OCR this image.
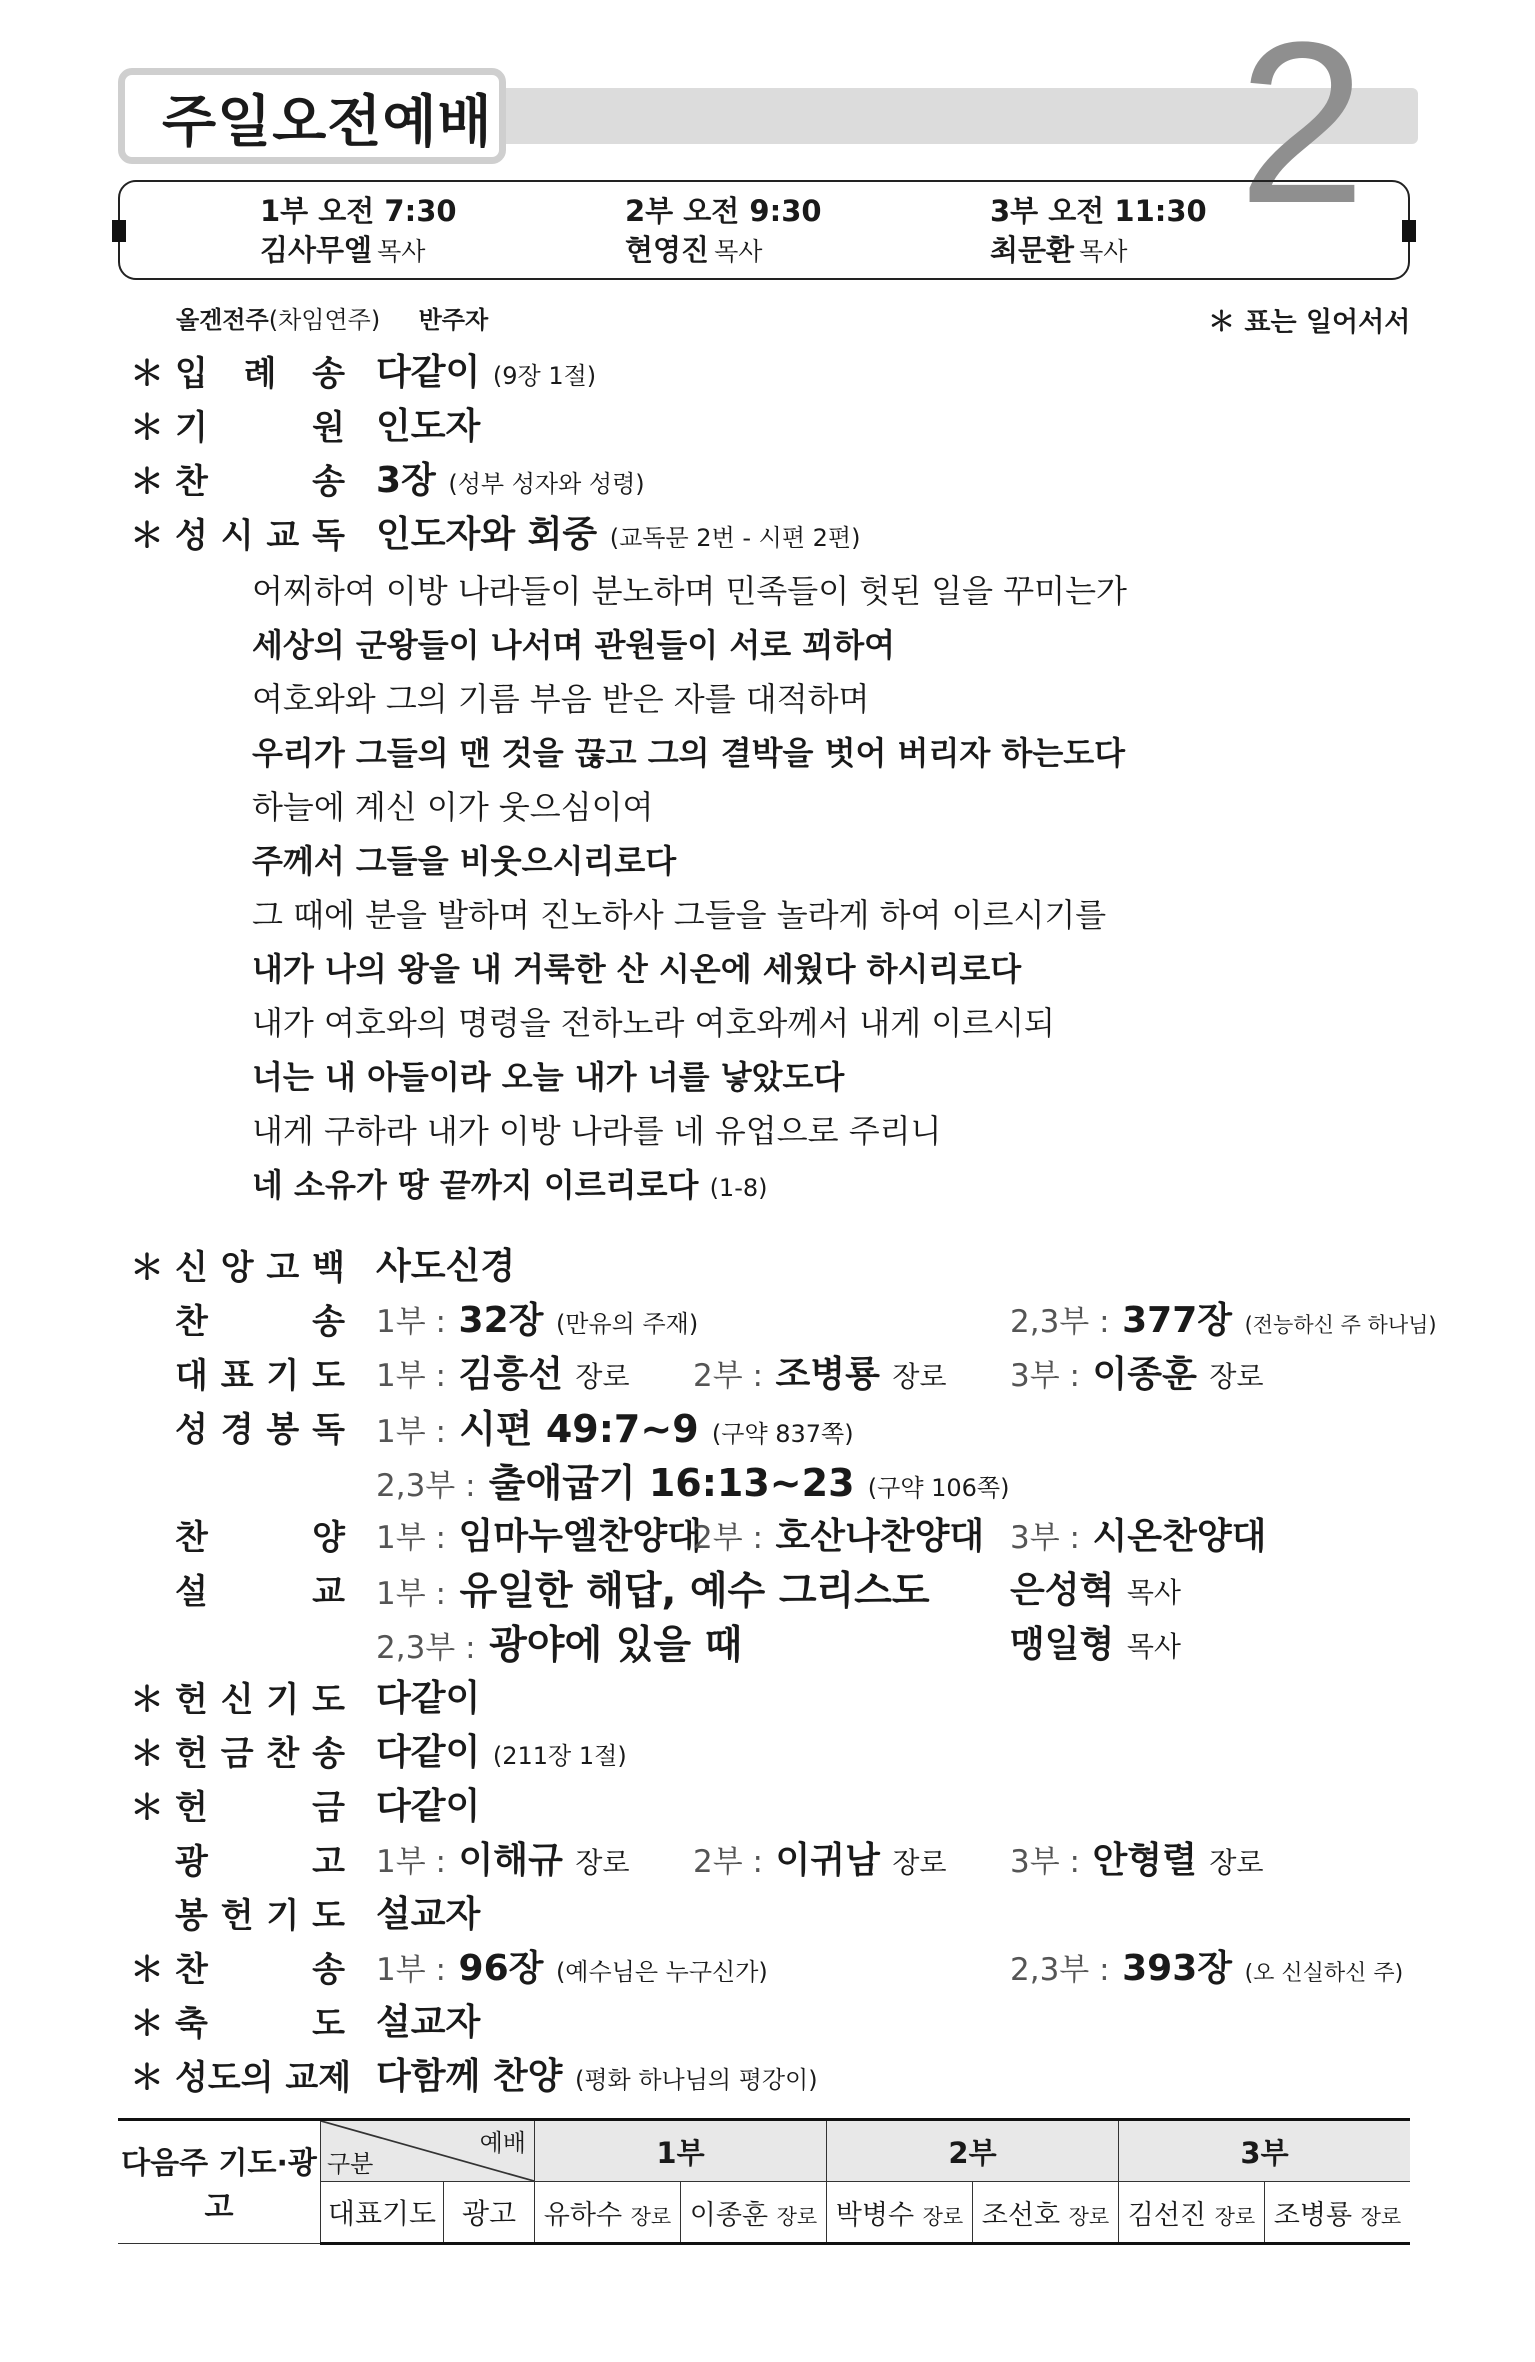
주일오전예배	2
1부 오전 7:30
김사무엘 목사
2부 오전 9:30
현영진 목사
3부 오전 11:30
최문환 목사
올겐전주(차임연주) 반주자	＊ 표는 일어서서
＊ 입 례 송 다같이 (9장 1절)
＊ 기	원 인도자
＊ 찬	송 3장 (성부 성자와 성령)
＊ 성 시 교 독 인도자와 회중 (교독문 2번 - 시편 2편)
어찌하여 이방 나라들이 분노하며 민족들이 헛된 일을 꾸미는가
세상의 군왕들이 나서며 관원들이 서로 꾀하여
여호와와 그의 기름 부음 받은 자를 대적하며
우리가 그들의 맨 것을 끊고 그의 결박을 벗어 버리자 하는도다
하늘에 계신 이가 웃으심이여
주께서 그들을 비웃으시리로다
그 때에 분을 발하며 진노하사 그들을 놀라게 하여 이르시기를
내가 나의 왕을 내 거룩한 산 시온에 세웠다 하시리로다
내가 여호와의 명령을 전하노라 여호와께서 내게 이르시되
너는 내 아들이라 오늘 내가 너를 낳았도다
내게 구하라 내가 이방 나라를 네 유업으로 주리니
네 소유가 땅 끝까지 이르리로다 (1-8)
＊ 신 앙 고 백 사도신경
찬	송 1부 : 32장 (만유의 주재)	2,3부 : 377장 (전능하신 주 하나님)
대 표 기 도 1부 : 김흥선 장로 2부 : 조병룡 장로 3부 : 이종훈 장로
성 경 봉 독 1부 : 시편 49:7~9 (구약 837쪽)
2,3부 : 출애굽기 16:13~23 (구약 106쪽)
찬	양 1부 : 임마누엘찬양대
2부 : 호산나찬양대 3부 : 시온찬양대
설	교 1부 : 유일한 해답, 예수 그리스도 은성혁 목사
2,3부 : 광야에 있을 때	맹일형 목사
＊ 헌 신 기 도 다같이
＊ 헌 금 찬 송 다같이 (211장 1절)
＊ 헌	금 다같이
광	고 1부 : 이해규 장로 2부 : 이귀남 장로 3부 : 안형렬 장로
봉 헌 기 도 설교자
＊ 찬	송 1부 : 96장 (예수님은 누구신가)	2,3부 : 393장 (오 신실하신 주)
＊ 축	도 설교자
＊ 성도의 교제 다함께 찬양 (평화 하나님의 평강이)
다음주 기도·광고	구분
예배		1부		2부		3부	
	대표기도	광고	유하수 장로	이종훈 장로	박병수 장로	조선호 장로	김선진 장로	조병룡 장로
